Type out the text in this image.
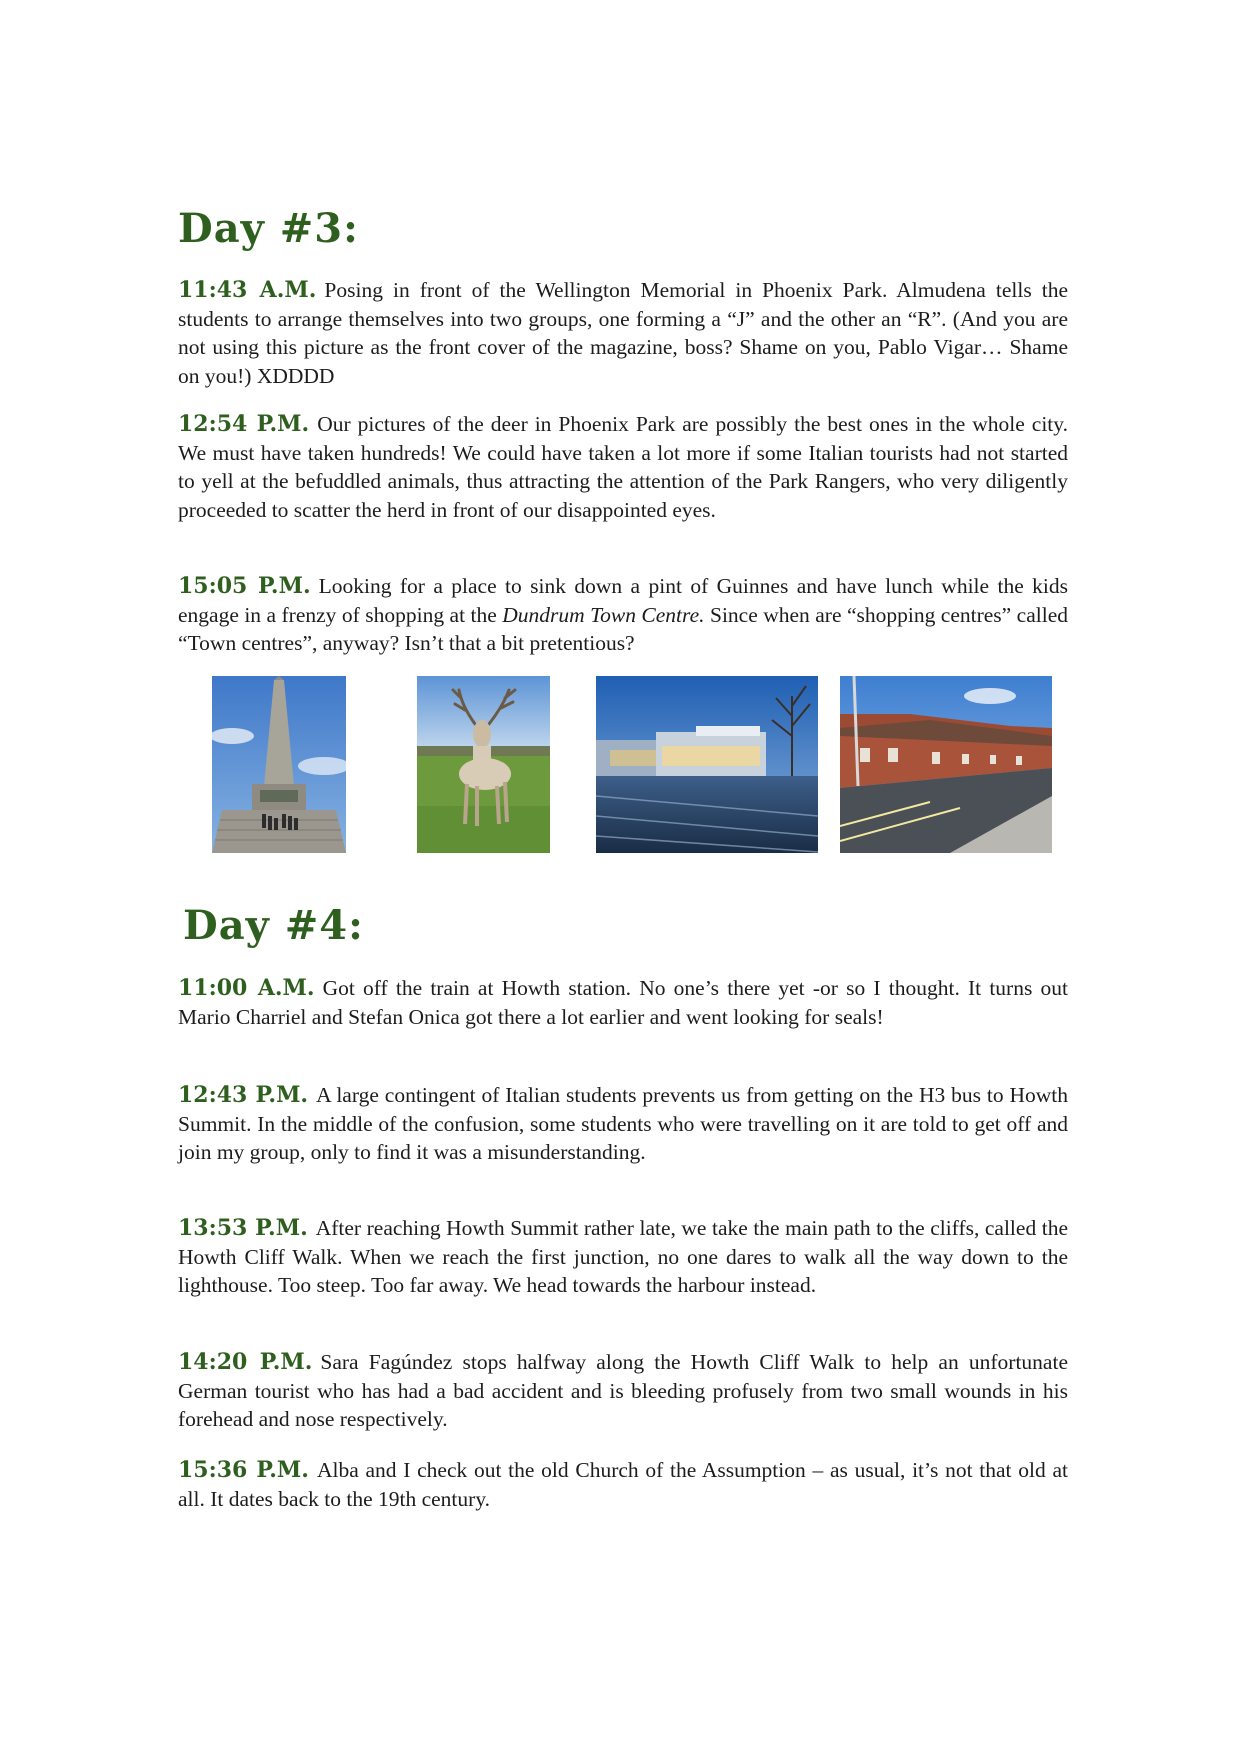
Day #3:

11:43 A.M. Posing in front of the Wellington Memorial in Phoenix Park. Almudena tells the students to arrange themselves into two groups, one forming a “J” and the other an “R”. (And you are not using this picture as the front cover of the magazine, boss? Shame on you, Pablo Vigar… Shame on you!) XDDDD

12:54 P.M. Our pictures of the deer in Phoenix Park are possibly the best ones in the whole city. We must have taken hundreds! We could have taken a lot more if some Italian tourists had not started to yell at the befuddled animals, thus attracting the attention of the Park Rangers, who very diligently proceeded to scatter the herd in front of our disappointed eyes.

15:05 P.M. Looking for a place to sink down a pint of Guinnes and have lunch while the kids engage in a frenzy of shopping at the Dundrum Town Centre. Since when are “shopping centres” called “Town centres”, anyway? Isn’t that a bit pretentious?

Day #4:

11:00 A.M. Got off the train at Howth station. No one’s there yet -or so I thought. It turns out Mario Charriel and Stefan Onica got there a lot earlier and went looking for seals!

12:43 P.M. A large contingent of Italian students prevents us from getting on the H3 bus to Howth Summit. In the middle of the confusion, some students who were travelling on it are told to get off and join my group, only to find it was a misunderstanding.

13:53 P.M. After reaching Howth Summit rather late, we take the main path to the cliffs, called the Howth Cliff Walk. When we reach the first junction, no one dares to walk all the way down to the lighthouse. Too steep. Too far away. We head towards the harbour instead.

14:20 P.M. Sara Fagúndez stops halfway along the Howth Cliff Walk to help an unfortunate German tourist who has had a bad accident and is bleeding profusely from two small wounds in his forehead and nose respectively.

15:36 P.M. Alba and I check out the old Church of the Assumption – as usual, it’s not that old at all. It dates back to the 19th century.
